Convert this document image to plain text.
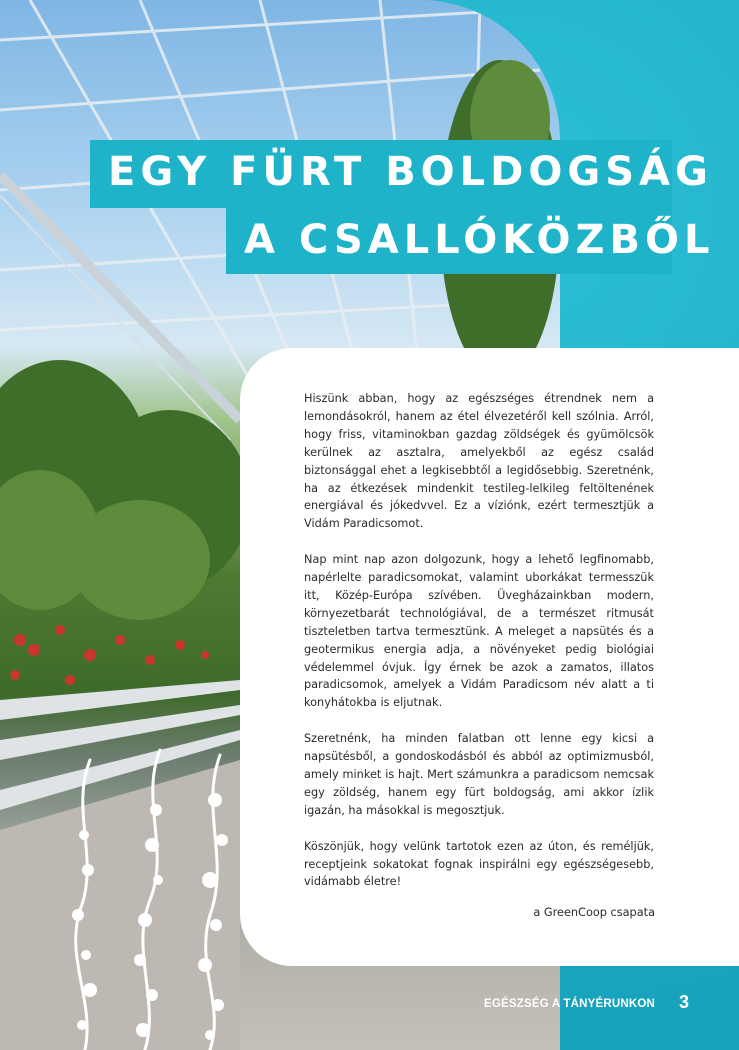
EGY FÜRT BOLDOGSÁG
A CSALLÓKÖZBŐL

Hiszünk abban, hogy az egészséges étrendnek nem a lemondásokról, hanem az étel élvezetéről kell szólnia. Arról, hogy friss, vitaminokban gazdag zöldségek és gyümölcsök kerülnek az asztalra, amelyekből az egész család biztonsággal ehet a legkisebbtől a legidősebbig. Szeretnénk, ha az étkezések mindenkit testileg-lelkileg feltöltenének energiával és jókedvvel. Ez a víziónk, ezért termesztjük a Vidám Paradicsomot.

Nap mint nap azon dolgozunk, hogy a lehető legfinomabb, napérlelte paradicsomokat, valamint uborkákat termesszük itt, Közép-Európa szívében. Üvegházainkban modern, környezetbarát technológiával, de a természet ritmusát tiszteletben tartva termesztünk. A meleget a napsütés és a geotermikus energia adja, a növényeket pedig biológiai védelemmel óvjuk. Így érnek be azok a zamatos, illatos paradicsomok, amelyek a Vidám Paradicsom név alatt a ti konyhátokba is eljutnak.

Szeretnénk, ha minden falatban ott lenne egy kicsi a napsütésből, a gondoskodásból és abból az optimizmusból, amely minket is hajt. Mert számunkra a paradicsom nemcsak egy zöldség, hanem egy fürt boldogság, ami akkor ízlik igazán, ha másokkal is megosztjuk.

Köszönjük, hogy velünk tartotok ezen az úton, és reméljük, receptjeink sokatokat fognak inspirálni egy egészségesebb, vidámabb életre!

a GreenCoop csapata
EGÉSZSÉG A TÁNYÉRUNKON 3
